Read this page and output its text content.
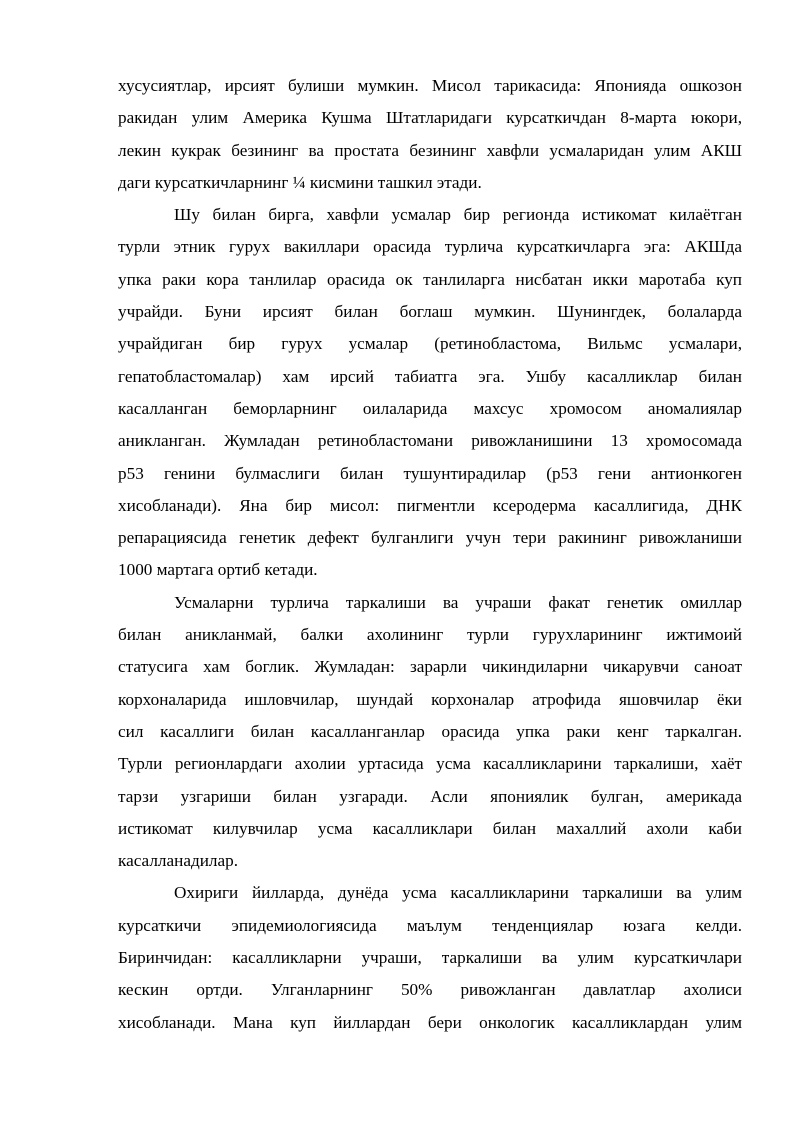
хусусиятлар, ирсият булиши мумкин. Мисол тарикасида: Японияда ошкозон
ракидан улим Америка Кушма Штатларидаги курсаткичдан 8-марта юкори,
лекин кукрак безининг ва простата безининг хавфли усмаларидан улим АКШ
даги курсаткичларнинг ¼ кисмини ташкил этади.

Шу билан бирга, хавфли усмалар бир регионда истикомат килаётган
турли этник гурух вакиллари орасида турлича курсаткичларга эга: АКШда
упка раки кора танлилар орасида ок танлиларга нисбатан икки маротаба куп
учрайди. Буни ирсият билан боглаш мумкин. Шунингдек, болаларда
учрайдиган бир гурух усмалар (ретинобластома, Вильмс усмалари,
гепатобластомалар) хам ирсий табиатга эга. Ушбу касалликлар билан
касалланган беморларнинг оилаларида махсус хромосом аномалиялар
аникланган. Жумладан ретинобластомани ривожланишини 13 хромосомада
р53 генини булмаслиги билан тушунтирадилар (р53 гени антионкоген
хисобланади). Яна бир мисол: пигментли ксеродерма касаллигида, ДНК
репарациясида генетик дефект булганлиги учун тери ракининг ривожланиши
1000 мартага ортиб кетади.

Усмаларни турлича таркалиши ва учраши факат генетик омиллар
билан аникланмай, балки ахолининг турли гурухларининг ижтимоий
статусига хам боглик. Жумладан: зарарли чикиндиларни чикарувчи саноат
корхоналарида ишловчилар, шундай корхоналар атрофида яшовчилар ёки
сил касаллиги билан касалланганлар орасида упка раки кенг таркалган.
Турли регионлардаги ахолии уртасида усма касалликларини таркалиши, хаёт
тарзи узгариши билан узгаради. Асли япониялик булган, америкада
истикомат килувчилар усма касалликлари билан махаллий ахоли каби
касалланадилар.

Охириги йилларда, дунёда усма касалликларини таркалиши ва улим
курсаткичи эпидемиологиясида маълум тенденциялар юзага келди.
Биринчидан: касалликларни учраши, таркалиши ва улим курсаткичлари
кескин ортди. Улганларнинг 50% ривожланган давлатлар ахолиси
хисобланади. Мана куп йиллардан бери онкологик касалликлардан улим
